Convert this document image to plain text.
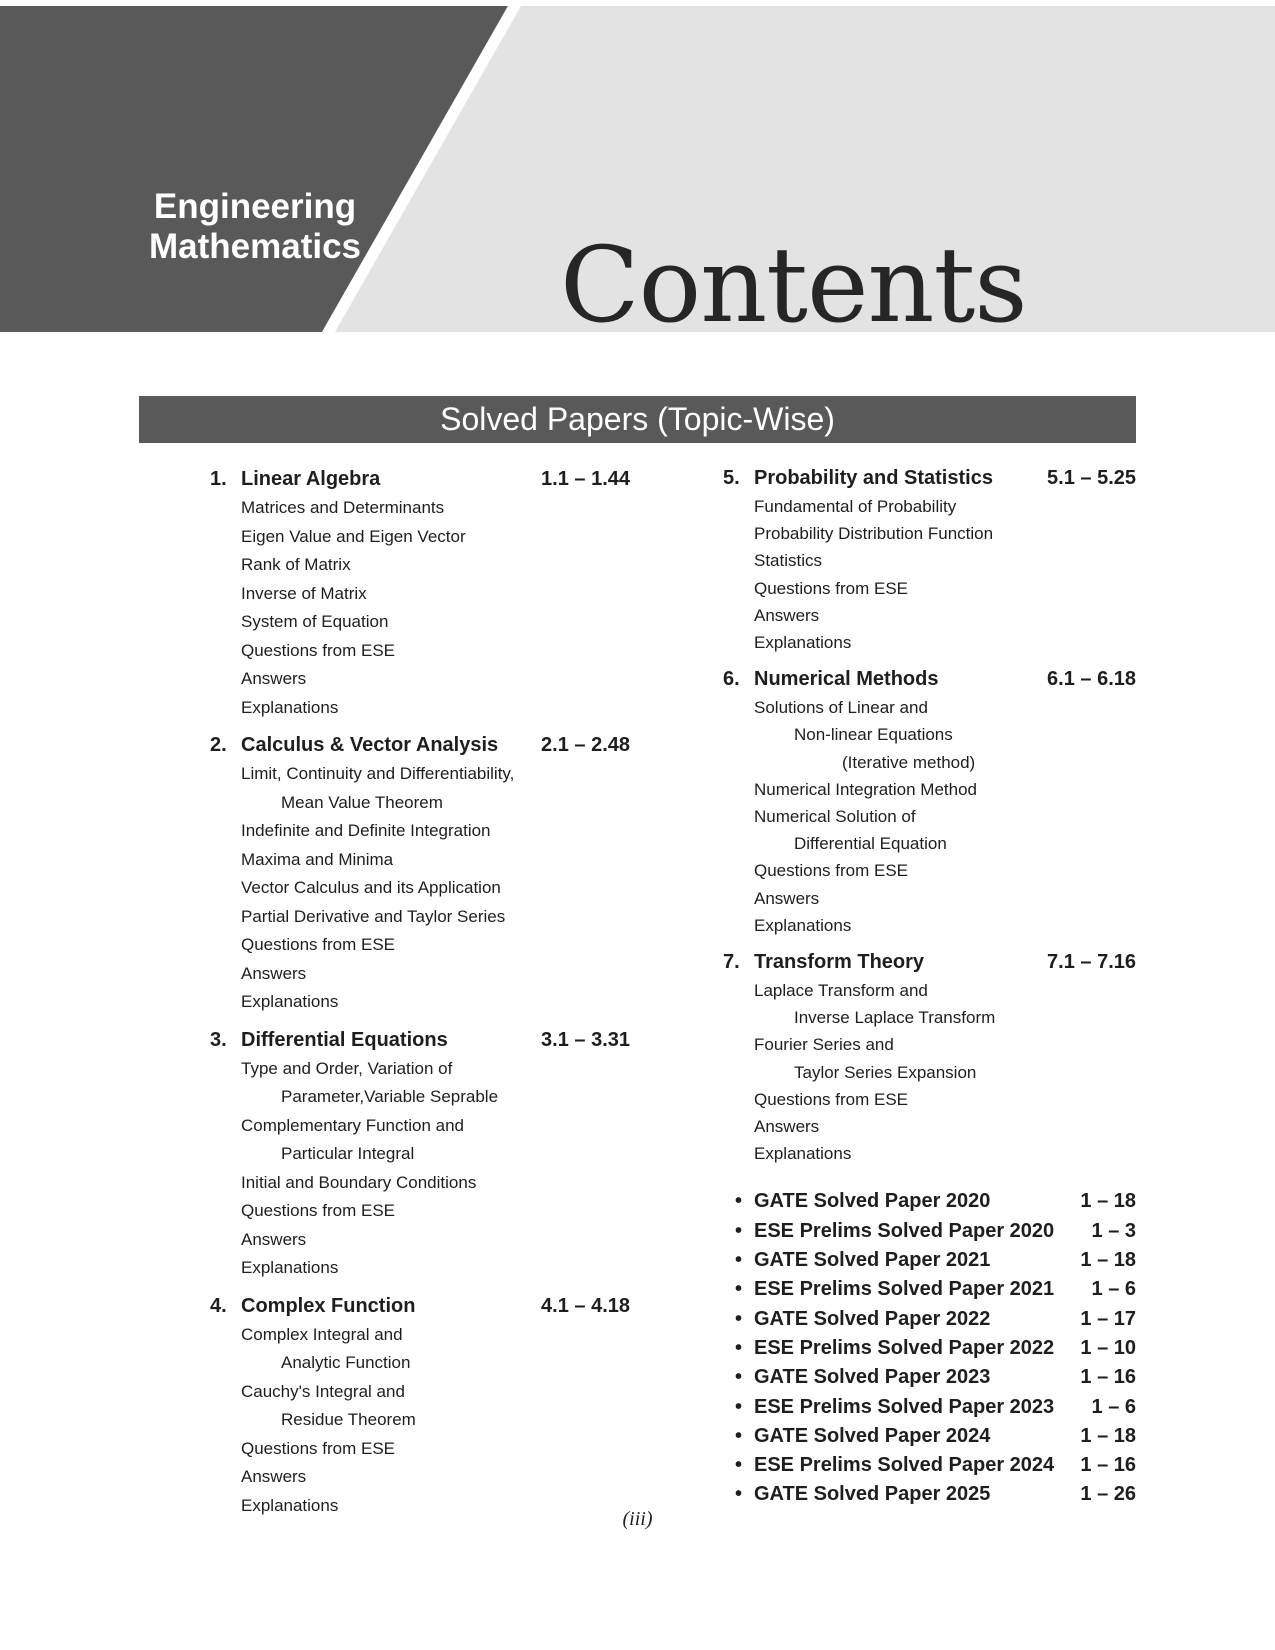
Engineering
Mathematics Contents
Solved Papers (Topic-Wise)
1. Linear Algebra	1.1 – 1.44
Matrices and Determinants
Eigen Value and Eigen Vector
Rank of Matrix
Inverse of Matrix
System of Equation
Questions from ESE
Answers
Explanations
2. Calculus & Vector Analysis	2.1 – 2.48
Limit, Continuity and Differentiability,
Mean Value Theorem
Indefinite and Definite Integration
Maxima and Minima
Vector Calculus and its Application
Partial Derivative and Taylor Series
Questions from ESE
Answers
Explanations
3. Differential Equations	3.1 – 3.31
Type and Order, Variation of
Parameter,Variable Seprable
Complementary Function and
Particular Integral
Initial and Boundary Conditions
Questions from ESE
Answers
Explanations
4. Complex Function	4.1 – 4.18
Complex Integral and
Analytic Function
Cauchy's Integral and
Residue Theorem
Questions from ESE
Answers
Explanations
5. Probability and Statistics	5.1 – 5.25
Fundamental of Probability
Probability Distribution Function
Statistics
Questions from ESE
Answers
Explanations
6. Numerical Methods	6.1 – 6.18
Solutions of Linear and
Non-linear Equations
(Iterative method)
Numerical Integration Method
Numerical Solution of
Differential Equation
Questions from ESE
Answers
Explanations
7. Transform Theory	7.1 – 7.16
Laplace Transform and
Inverse Laplace Transform
Fourier Series and
Taylor Series Expansion
Questions from ESE
Answers
Explanations
• GATE Solved Paper 2020	1 – 18
• ESE Prelims Solved Paper 2020	1 – 3
• GATE Solved Paper 2021	1 – 18
• ESE Prelims Solved Paper 2021	1 – 6
• GATE Solved Paper 2022	1 – 17
• ESE Prelims Solved Paper 2022	1 – 10
• GATE Solved Paper 2023	1 – 16
• ESE Prelims Solved Paper 2023	1 – 6
• GATE Solved Paper 2024	1 – 18
• ESE Prelims Solved Paper 2024	1 – 16
• GATE Solved Paper 2025	1 – 26
(iii)
